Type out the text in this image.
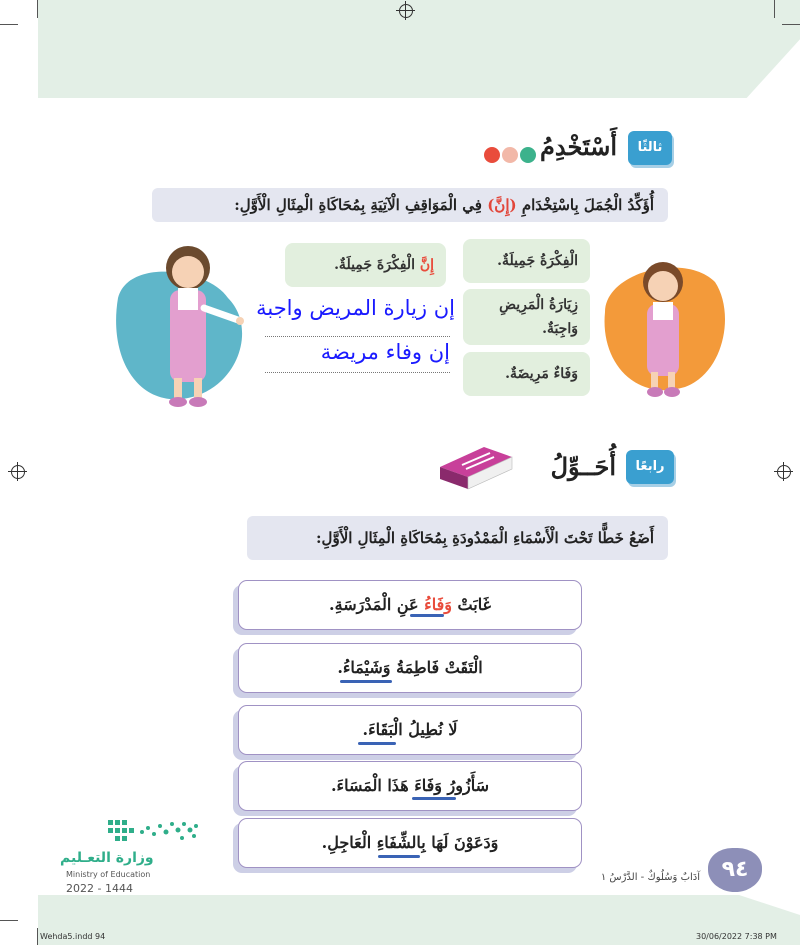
ثالثًا
أَسْتَخْدِمُ
أُؤَكِّدُ الْجُمَلَ بِاسْتِخْدَامِ (إِنَّ) فِي الْمَوَاقِفِ الْآتِيَةِ بِمُحَاكَاةِ الْمِثَالِ الْأَوَّلِ:
إِنَّ الْفِكْرَةَ جَمِيلَةٌ.	الْفِكْرَةُ جَمِيلَةٌ.
زِيَارَةُ الْمَرِيضِ وَاجِبَةٌ.
وَفَاءٌ مَرِيضَةٌ.
إن زيارة المريض واجبة
إن وفاء مريضة
رابعًا
أُحَــوِّلُ
أَضَعُ خَطًّا تَحْتَ الْأَسْمَاءِ الْمَمْدُودَةِ بِمُحَاكَاةِ الْمِثَالِ الْأَوَّلِ:
غَابَتْ وَفَاءُ عَنِ الْمَدْرَسَةِ.
الْتَقَتْ فَاطِمَةُ وَشَيْمَاءُ.
لَا نُطِيلُ الْبَقَاءَ.
سَأَزُورُ وَفَاءَ هَذَا الْمَسَاءَ.
وَدَعَوْنَ لَهَا بِالشِّفَاءِ الْعَاجِلِ.
وزارة التعـليم
Ministry of Education
2022 - 1444
آدَابٌ وَسُلُوكٌ - الدَّرْسُ ١ ٩٤
Wehda5.indd 94	30/06/2022 7:38 PM
